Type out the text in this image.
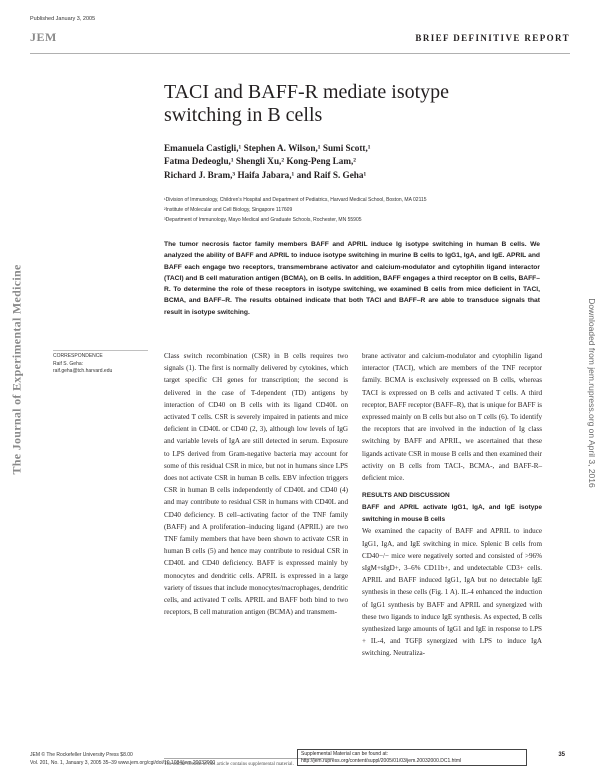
Published January 3, 2005
JEM	BRIEF DEFINITIVE REPORT
TACI and BAFF-R mediate isotype
switching in B cells
Emanuela Castigli,¹ Stephen A. Wilson,¹ Sumi Scott,¹
Fatma Dedeoglu,¹ Shengli Xu,² Kong-Peng Lam,²
Richard J. Bram,³ Haifa Jabara,¹ and Raif S. Geha¹
¹Division of Immunology, Children's Hospital and Department of Pediatrics, Harvard Medical School, Boston, MA 02115
²Institute of Molecular and Cell Biology, Singapore 117609
³Department of Immunology, Mayo Medical and Graduate Schools, Rochester, MN 55905
The tumor necrosis factor family members BAFF and APRIL induce Ig isotype switching in human B cells. We analyzed the ability of BAFF and APRIL to induce isotype switching in murine B cells to IgG1, IgA, and IgE. APRIL and BAFF each engage two receptors, transmembrane activator and calcium-modulator and cytophilin ligand interactor (TACI) and B cell maturation antigen (BCMA), on B cells. In addition, BAFF engages a third receptor on B cells, BAFF–R. To determine the role of these receptors in isotype switching, we examined B cells from mice deficient in TACI, BCMA, and BAFF–R. The results obtained indicate that both TACI and BAFF–R are able to transduce signals that result in isotype switching.
The Journal of Experimental Medicine	Downloaded from jem.rupress.org on April 3, 2016
CORRESPONDENCE
Raif S. Geha:
raif.geha@tch.harvard.edu

Class switch recombination (CSR) in B cells requires two signals (1). The first is normally delivered by cytokines, which target specific CH genes for transcription; the second is delivered in the case of T-dependent (TD) antigens by interaction of CD40 on B cells with its ligand CD40L on activated T cells. CSR is severely impaired in patients and mice deficient in CD40L or CD40 (2, 3), although low levels of IgG and variable levels of IgA are still detected in serum. Exposure to LPS derived from Gram-negative bacteria may account for some of this residual CSR in mice, but not in humans since LPS does not activate CSR in human B cells. EBV infection triggers CSR in human B cells independently of CD40L and CD40 (4) and may contribute to residual CSR in humans with CD40L and CD40 deficiency. B cell–activating factor of the TNF family (BAFF) and A proliferation–inducing ligand (APRIL) are two TNF family members that have been shown to activate CSR in human B cells (5) and hence may contribute to residual CSR in CD40L and CD40 deficiency. BAFF is expressed mainly by monocytes and dendritic cells. APRIL is expressed in a large variety of tissues that include monocytes/macrophages, dendritic cells, and activated T cells. APRIL and BAFF both bind to two receptors, B cell maturation antigen (BCMA) and transmem-

brane activator and calcium-modulator and cytophilin ligand interactor (TACI), which are members of the TNF receptor family. BCMA is exclusively expressed on B cells, whereas TACI is expressed on B cells and activated T cells. A third receptor, BAFF receptor (BAFF–R), that is unique for BAFF is expressed mainly on B cells but also on T cells (6). To identify the receptors that are involved in the induction of Ig class switching by BAFF and APRIL, we ascertained that these ligands activate CSR in mouse B cells and then examined their activity on B cells from TACI-, BCMA-, and BAFF-R–deficient mice.

RESULTS AND DISCUSSION

BAFF and APRIL activate IgG1, IgA, and IgE isotype switching in mouse B cells

We examined the capacity of BAFF and APRIL to induce IgG1, IgA, and IgE switching in mice. Splenic B cells from CD40−/− mice were negatively sorted and consisted of >96% sIgM+sIgD+, 3–6% CD11b+, and undetectable CD3+ cells. APRIL and BAFF induced IgG1, IgA but no detectable IgE synthesis in these cells (Fig. 1 A). IL-4 enhanced the induction of IgG1 synthesis by BAFF and APRIL and synergized with these two ligands to induce IgE synthesis. As expected, B cells synthesized large amounts of IgG1 and IgE in response to LPS + IL-4, and TGFβ synergized with LPS to induce IgA switching. Neutraliza-

The online version of this article contains supplemental material.
Supplemental Material can be found at:
http://jem.rupress.org/content/suppl/2005/01/03/jem.20032000.DC1.html
JEM © The Rockefeller University Press $8.00
Vol. 201, No. 1, January 3, 2005 35–39 www.jem.org/cgi/doi/10.1084/jem.20032000
35
